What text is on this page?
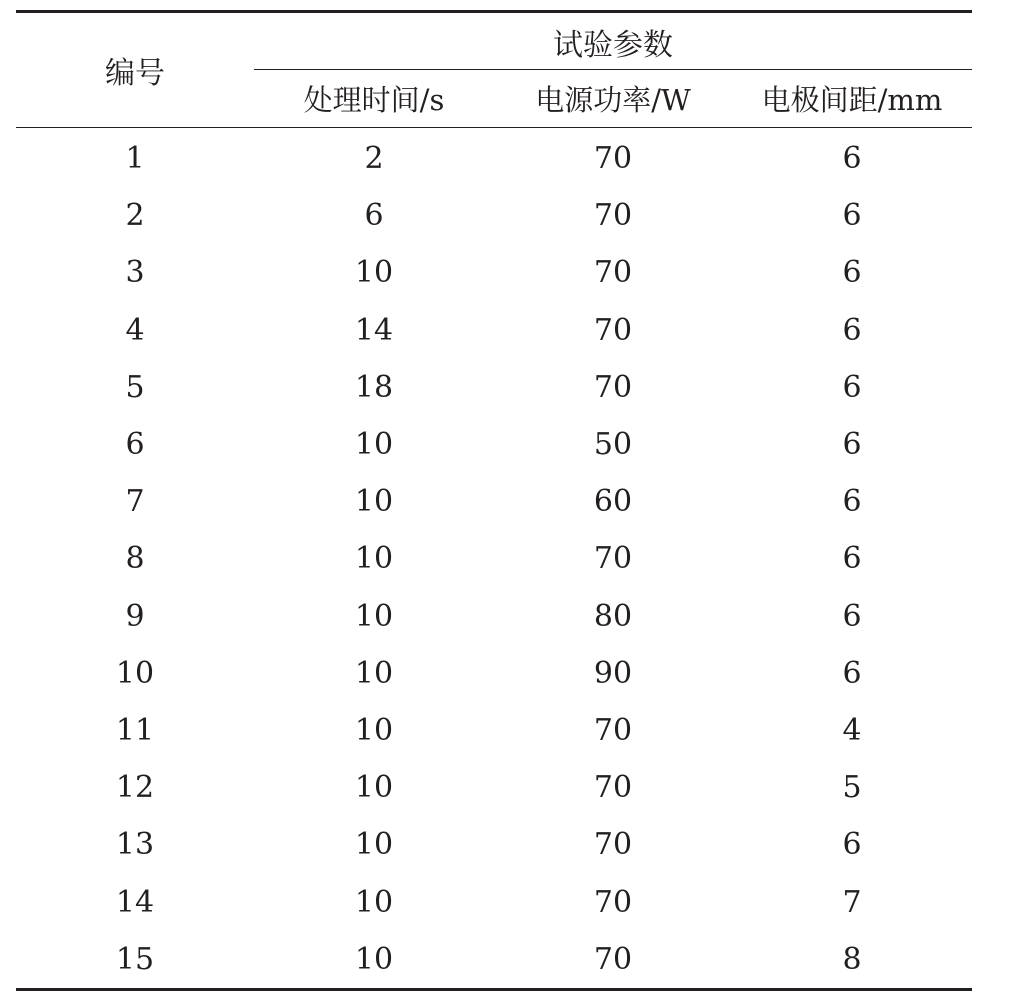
编号	试验参数		

	处理时间/s	电源功率/W	电极间距/mm
1	2	70	6
2	6	70	6
3	10	70	6
4	14	70	6
5	18	70	6
6	10	50	6
7	10	60	6
8	10	70	6
9	10	80	6
10	10	90	6
11	10	70	4
12	10	70	5
13	10	70	6
14	10	70	7
15	10	70	8
